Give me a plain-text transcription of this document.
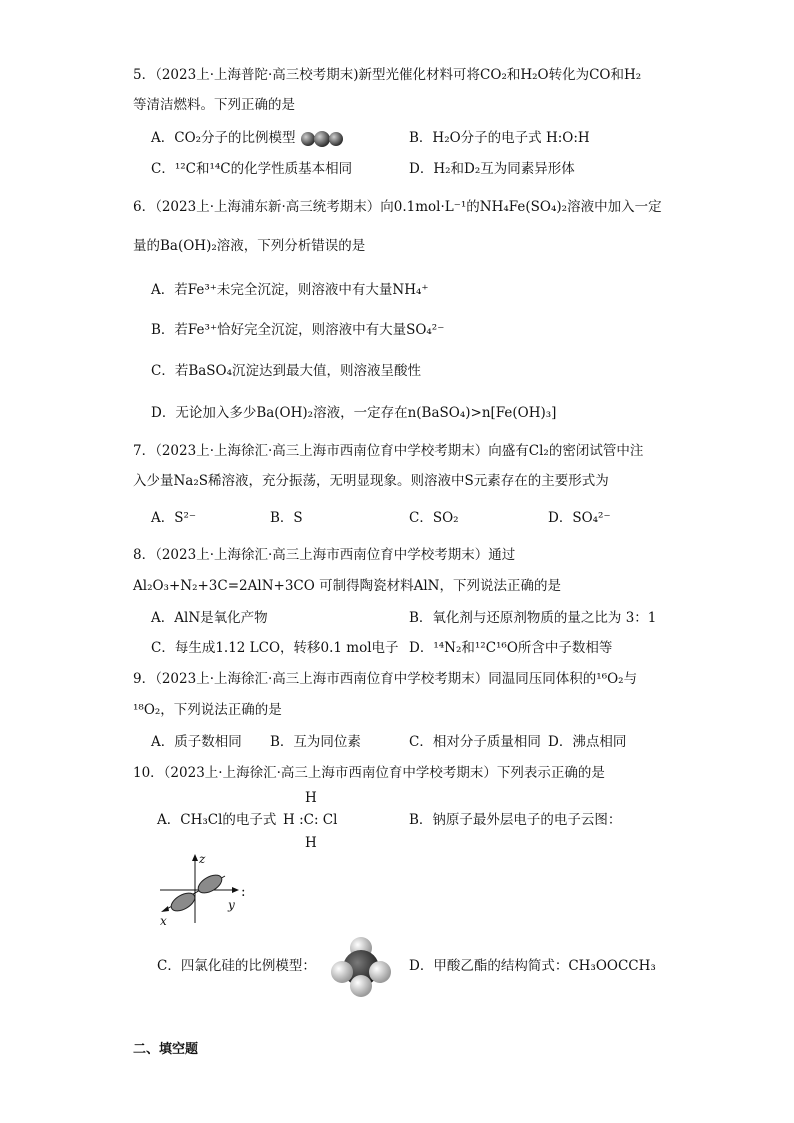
5．（2023上·上海普陀·高三校考期末)新型光催化材料可将CO₂和H₂O转化为CO和H₂
等清洁燃料。下列正确的是
A．CO₂分子的比例模型	B．H₂O分子的电子式 H:O:H
C．¹²C和¹⁴C的化学性质基本相同	D．H₂和D₂互为同素异形体
6．（2023上·上海浦东新·高三统考期末）向0.1mol·L⁻¹的NH₄Fe(SO₄)₂溶液中加入一定
量的Ba(OH)₂溶液，下列分析错误的是
A．若Fe³⁺未完全沉淀，则溶液中有大量NH₄⁺
B．若Fe³⁺恰好完全沉淀，则溶液中有大量SO₄²⁻
C．若BaSO₄沉淀达到最大值，则溶液呈酸性
D．无论加入多少Ba(OH)₂溶液，一定存在n(BaSO₄)>n[Fe(OH)₃]
7．（2023上·上海徐汇·高三上海市西南位育中学校考期末）向盛有Cl₂的密闭试管中注
入少量Na₂S稀溶液，充分振荡，无明显现象。则溶液中S元素存在的主要形式为
A．S²⁻	B．S	C．SO₂	D．SO₄²⁻
8．（2023上·上海徐汇·高三上海市西南位育中学校考期末）通过
Al₂O₃+N₂+3C=2AlN+3CO 可制得陶瓷材料AlN，下列说法正确的是
A．AlN是氧化产物	B．氧化剂与还原剂物质的量之比为 3：1
C．每生成1.12 LCO，转移0.1 mol电子 D．¹⁴N₂和¹²C¹⁶O所含中子数相等
9．（2023上·上海徐汇·高三上海市西南位育中学校考期末）同温同压同体积的¹⁶O₂与
¹⁸O₂，下列说法正确的是
A．质子数相同 B．互为同位素	C．相对分子质量相同 D．沸点相同
10．（2023上·上海徐汇·高三上海市西南位育中学校考期末）下列表示正确的是
A．CH₃Cl的电子式 H :C: Cl
H
H
B．钠原子最外层电子的电子云图：
z
x
y
:
C．四氯化硅的比例模型：	D．甲酸乙酯的结构简式：CH₃OOCCH₃
二、填空题
